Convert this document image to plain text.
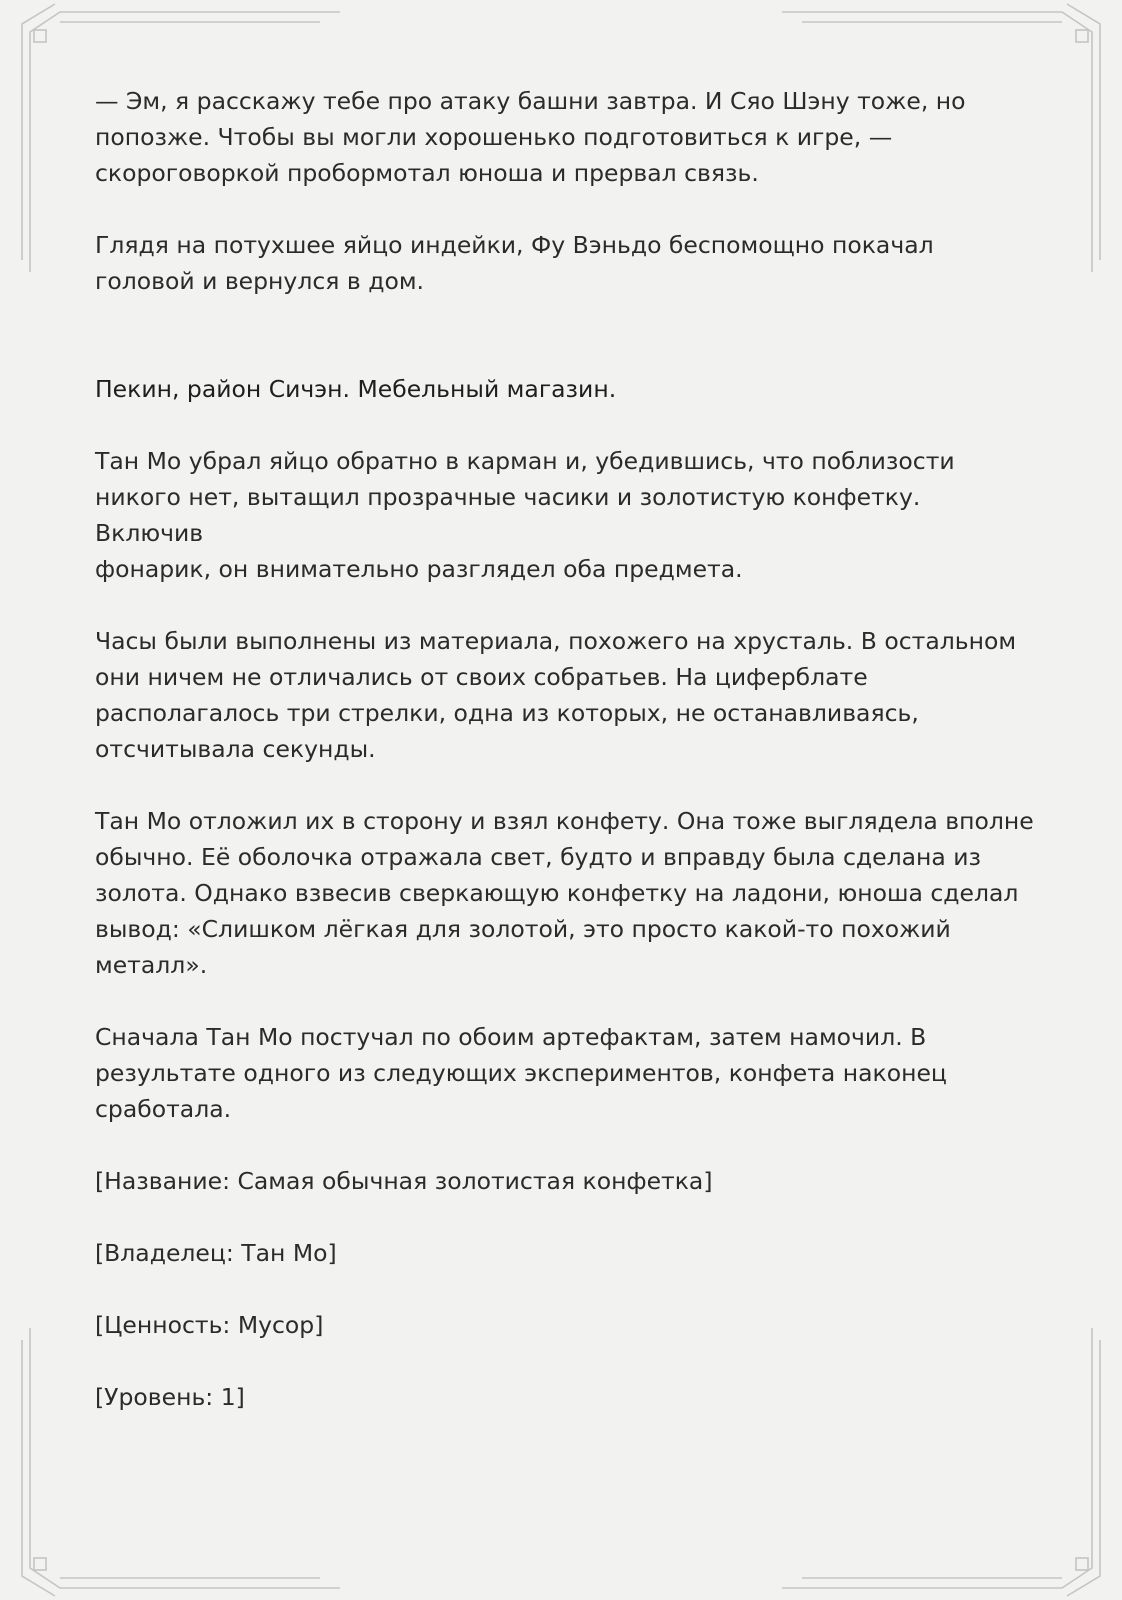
— Эм, я расскажу тебе про атаку башни завтра. И Сяо Шэну тоже, но
попозже. Чтобы вы могли хорошенько подготовиться к игре, —
скороговоркой пробормотал юноша и прервал связь.

Глядя на потухшее яйцо индейки, Фу Вэньдо беспомощно покачал
головой и вернулся в дом.

Пекин, район Сичэн. Мебельный магазин.

Тан Мо убрал яйцо обратно в карман и, убедившись, что поблизости
никого нет, вытащил прозрачные часики и золотистую конфетку. Включив
фонарик, он внимательно разглядел оба предмета.

Часы были выполнены из материала, похожего на хрусталь. В остальном
они ничем не отличались от своих собратьев. На циферблате
располагалось три стрелки, одна из которых, не останавливаясь,
отсчитывала секунды.

Тан Мо отложил их в сторону и взял конфету. Она тоже выглядела вполне
обычно. Её оболочка отражала свет, будто и вправду была сделана из
золота. Однако взвесив сверкающую конфетку на ладони, юноша сделал
вывод: «Слишком лёгкая для золотой, это просто какой-то похожий
металл».

Сначала Тан Мо постучал по обоим артефактам, затем намочил. В
результате одного из следующих экспериментов, конфета наконец
сработала.

[Название: Самая обычная золотистая конфетка]

[Владелец: Тан Мо]

[Ценность: Мусор]

[Уровень: 1]
